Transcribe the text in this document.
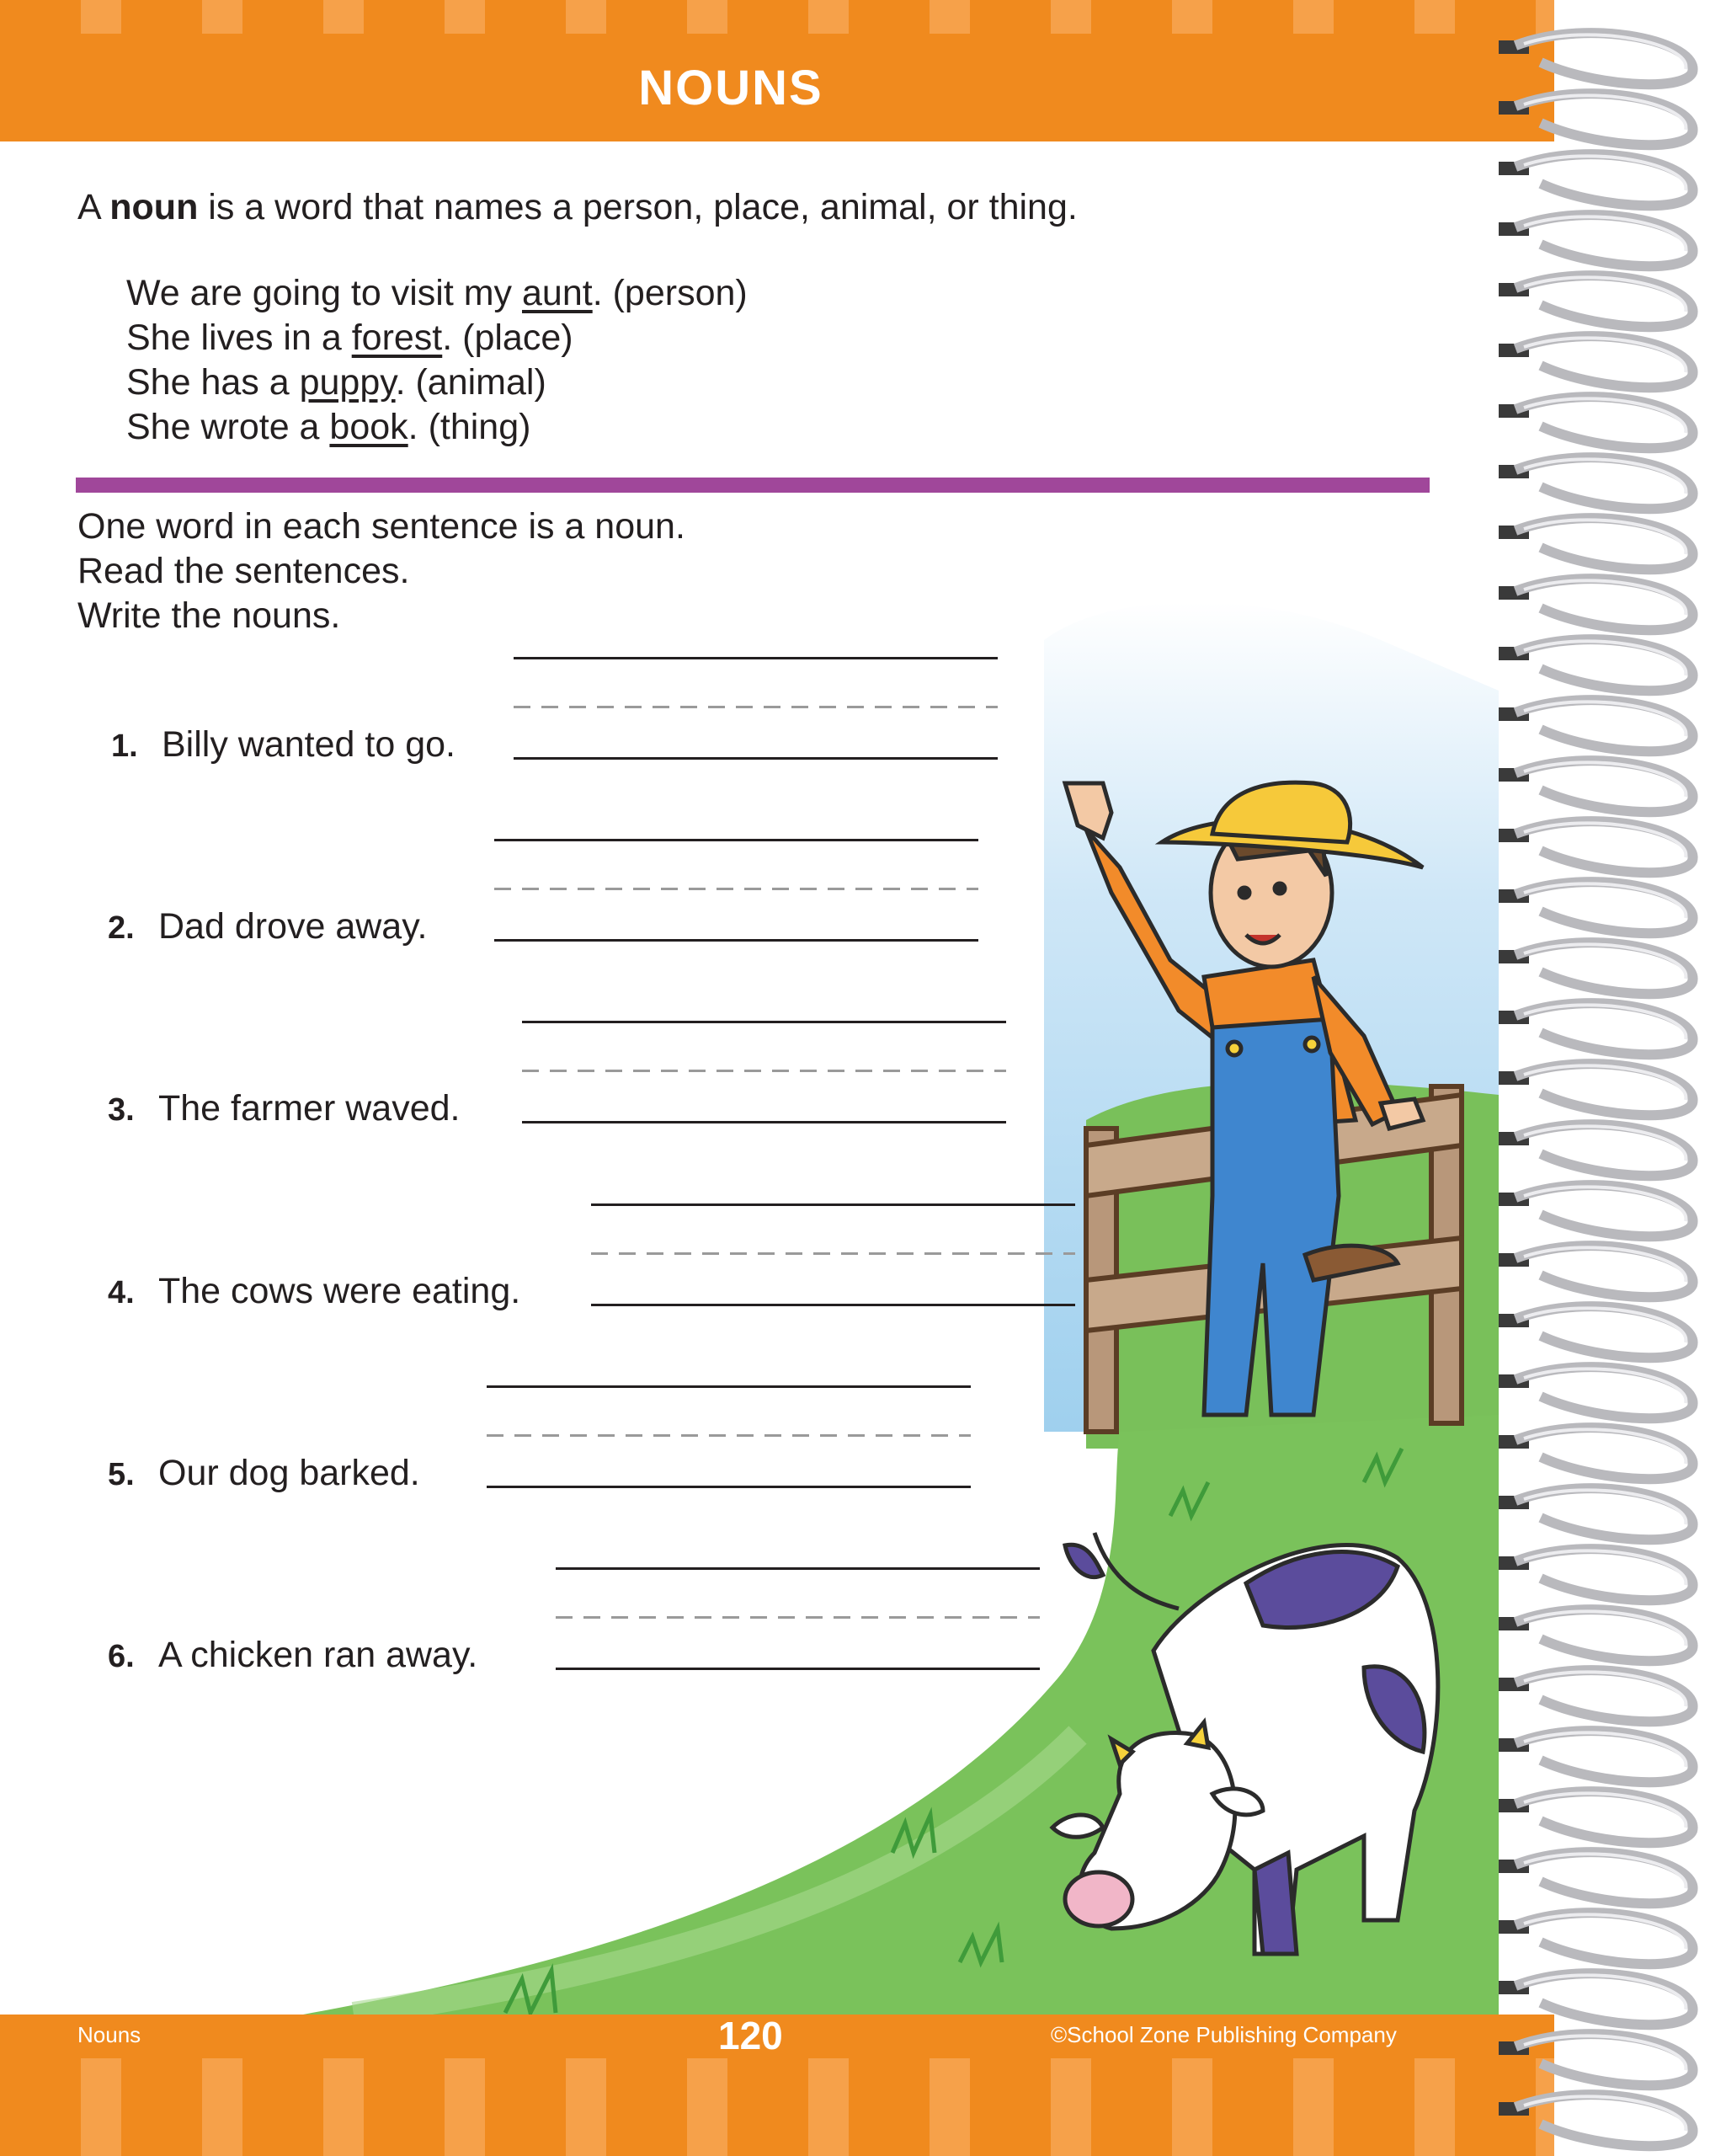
NOUNS
A noun is a word that names a person, place, animal, or thing.
We are going to visit my aunt. (person)
She lives in a forest. (place)
She has a puppy. (animal)
She wrote a book. (thing)
One word in each sentence is a noun.
Read the sentences.
Write the nouns.
1. Billy wanted to go.
2. Dad drove away.
3. The farmer waved.
4. The cows were eating.
5. Our dog barked.
6. A chicken ran away.
Nouns	120	©School Zone Publishing Company
